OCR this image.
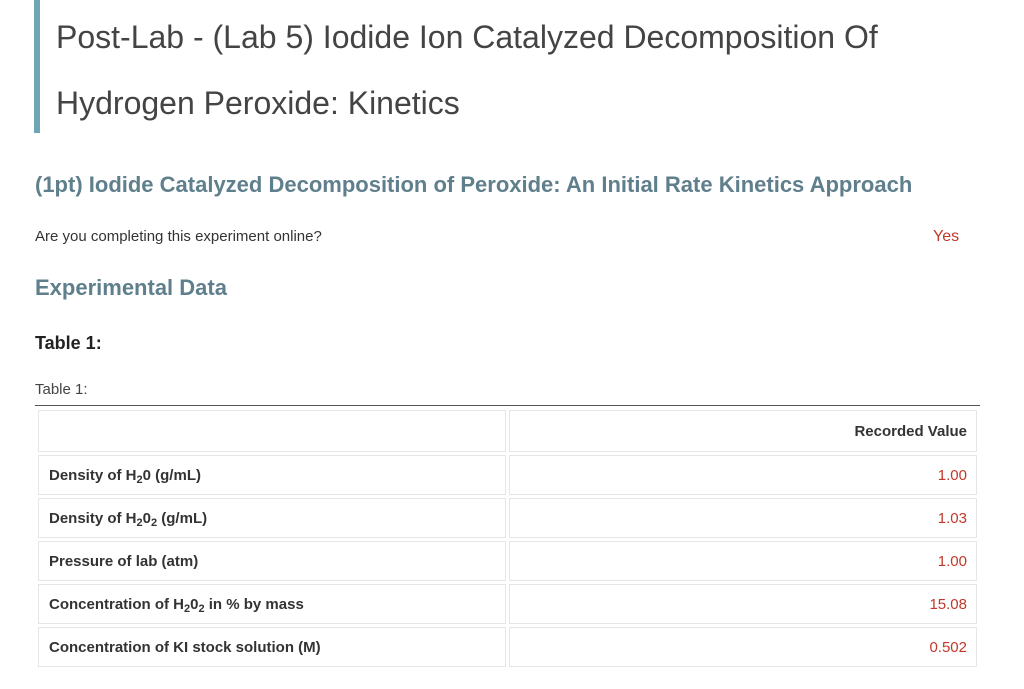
Post-Lab - (Lab 5) Iodide Ion Catalyzed Decomposition Of Hydrogen Peroxide: Kinetics
(1pt) Iodide Catalyzed Decomposition of Peroxide: An Initial Rate Kinetics Approach

Are you completing this experiment online?	Yes
Experimental Data
Table 1:

Table 1:

	Recorded Value
Density of $H_20$ (g/mL)	1.00
Density of $H_20_2$ (g/mL)	1.03
Pressure of lab (atm)	1.00
Concentration of $H_20_2$ in % by mass	15.08
Concentration of KI stock solution (M)	0.502
